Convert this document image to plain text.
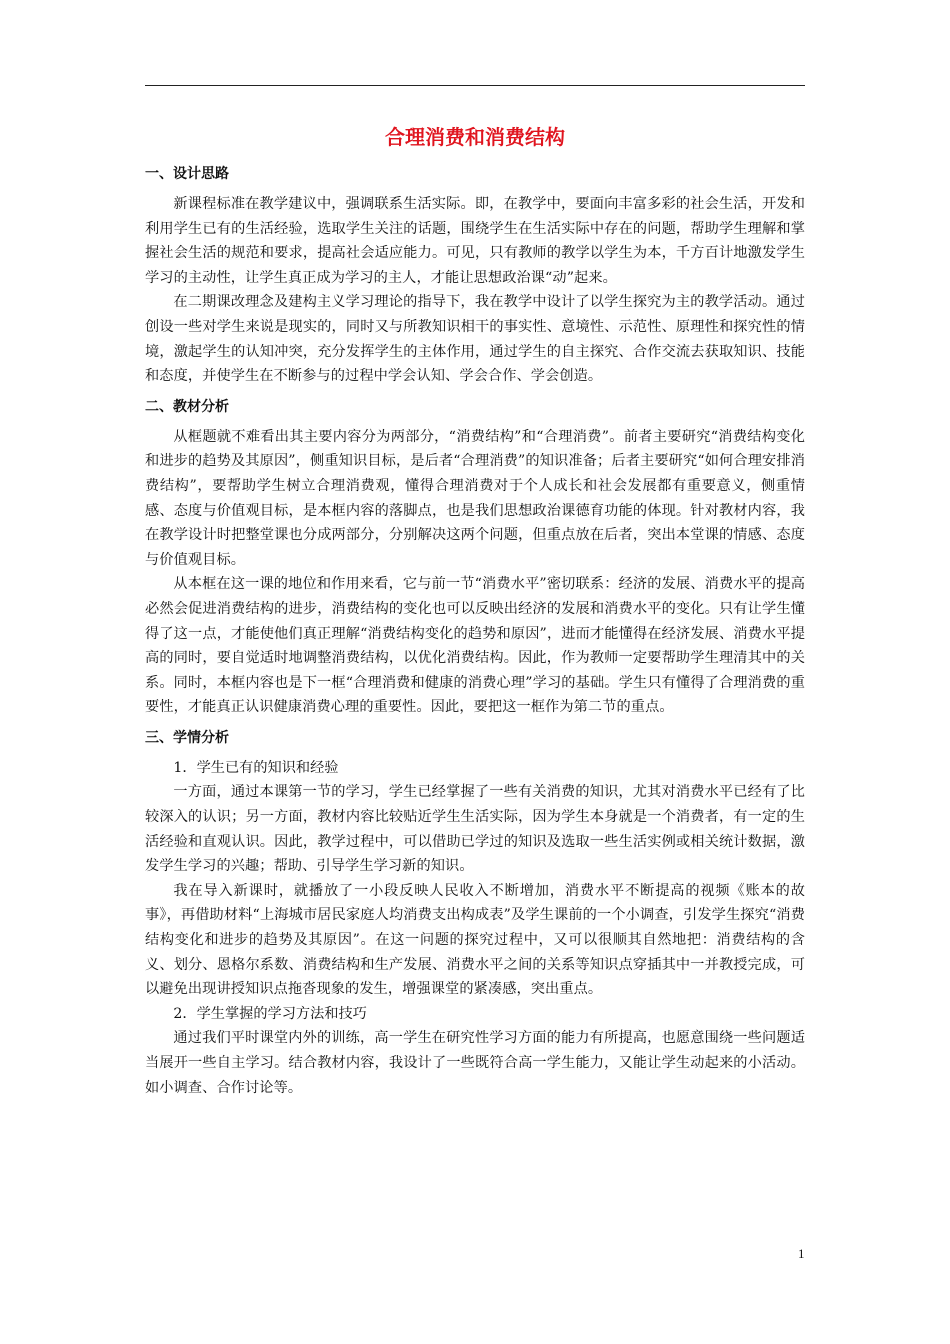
合理消费和消费结构
一、设计思路

新课程标准在教学建议中，强调联系生活实际。即，在教学中，要面向丰富多彩的社会生活，开发和利用学生已有的生活经验，选取学生关注的话题，围绕学生在生活实际中存在的问题，帮助学生理解和掌握社会生活的规范和要求，提高社会适应能力。可见，只有教师的教学以学生为本，千方百计地激发学生学习的主动性，让学生真正成为学习的主人，才能让思想政治课“动”起来。

在二期课改理念及建构主义学习理论的指导下，我在教学中设计了以学生探究为主的教学活动。通过创设一些对学生来说是现实的，同时又与所教知识相干的事实性、意境性、示范性、原理性和探究性的情境，激起学生的认知冲突，充分发挥学生的主体作用，通过学生的自主探究、合作交流去获取知识、技能和态度，并使学生在不断参与的过程中学会认知、学会合作、学会创造。

二、教材分析

从框题就不难看出其主要内容分为两部分，“消费结构”和“合理消费”。前者主要研究“消费结构变化和进步的趋势及其原因”，侧重知识目标，是后者“合理消费”的知识准备；后者主要研究“如何合理安排消费结构”，要帮助学生树立合理消费观，懂得合理消费对于个人成长和社会发展都有重要意义，侧重情感、态度与价值观目标，是本框内容的落脚点，也是我们思想政治课德育功能的体现。针对教材内容，我在教学设计时把整堂课也分成两部分，分别解决这两个问题，但重点放在后者，突出本堂课的情感、态度与价值观目标。

从本框在这一课的地位和作用来看，它与前一节“消费水平”密切联系：经济的发展、消费水平的提高必然会促进消费结构的进步，消费结构的变化也可以反映出经济的发展和消费水平的变化。只有让学生懂得了这一点，才能使他们真正理解“消费结构变化的趋势和原因”，进而才能懂得在经济发展、消费水平提高的同时，要自觉适时地调整消费结构，以优化消费结构。因此，作为教师一定要帮助学生理清其中的关系。同时，本框内容也是下一框“合理消费和健康的消费心理”学习的基础。学生只有懂得了合理消费的重要性，才能真正认识健康消费心理的重要性。因此，要把这一框作为第二节的重点。

三、学情分析

1．学生已有的知识和经验

一方面，通过本课第一节的学习，学生已经掌握了一些有关消费的知识，尤其对消费水平已经有了比较深入的认识；另一方面，教材内容比较贴近学生生活实际，因为学生本身就是一个消费者，有一定的生活经验和直观认识。因此，教学过程中，可以借助已学过的知识及选取一些生活实例或相关统计数据，激发学生学习的兴趣；帮助、引导学生学习新的知识。

我在导入新课时，就播放了一小段反映人民收入不断增加，消费水平不断提高的视频《账本的故事》，再借助材料“上海城市居民家庭人均消费支出构成表”及学生课前的一个小调查，引发学生探究“消费结构变化和进步的趋势及其原因”。在这一问题的探究过程中，又可以很顺其自然地把：消费结构的含义、划分、恩格尔系数、消费结构和生产发展、消费水平之间的关系等知识点穿插其中一并教授完成，可以避免出现讲授知识点拖沓现象的发生，增强课堂的紧凑感，突出重点。

2．学生掌握的学习方法和技巧

通过我们平时课堂内外的训练，高一学生在研究性学习方面的能力有所提高，也愿意围绕一些问题适当展开一些自主学习。结合教材内容，我设计了一些既符合高一学生能力，又能让学生动起来的小活动。如小调查、合作讨论等。

1
